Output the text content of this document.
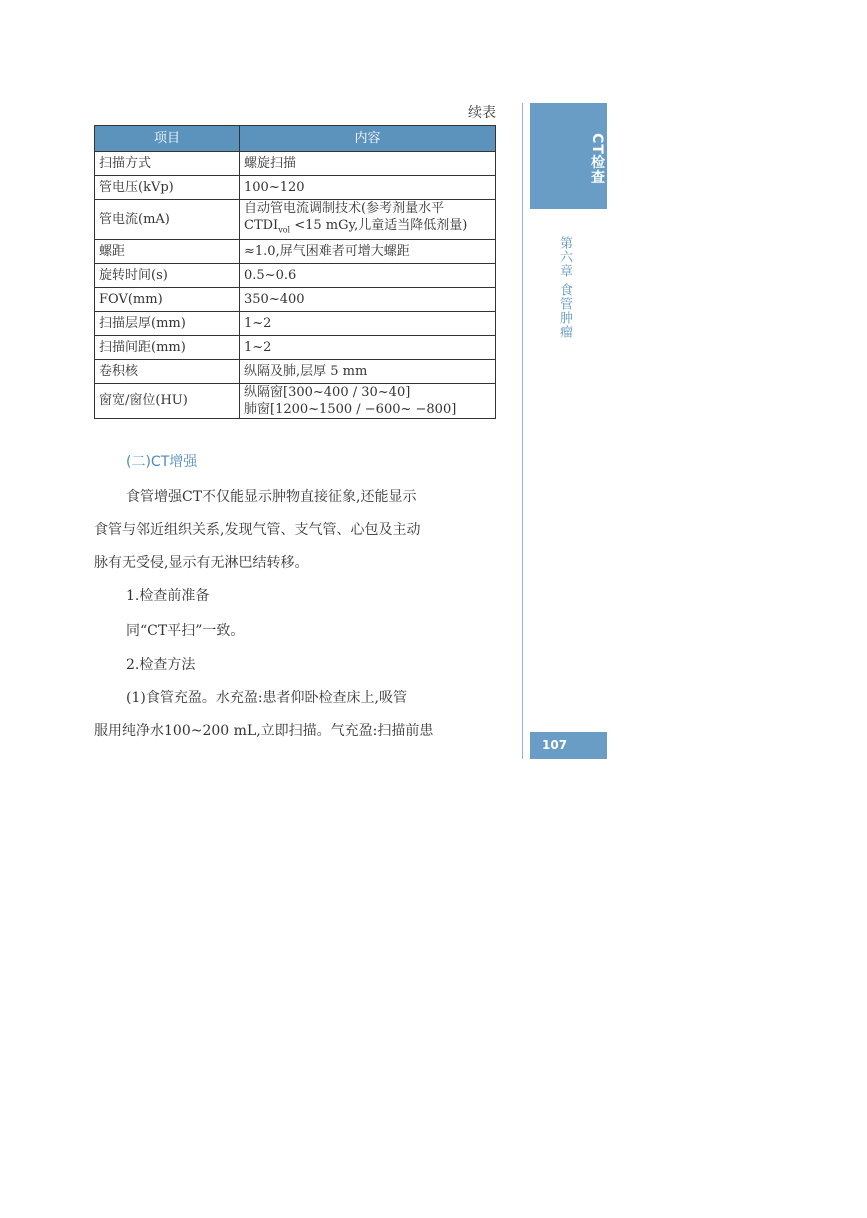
续表
项目	内容
扫描方式	螺旋扫描
管电压(kVp)	100~120
管电流(mA)	自动管电流调制技术(参考剂量水平
$CTDI_{vol} <15$ mGy,儿童适当降低剂量)

螺距	≈1.0,屏气困难者可增大螺距
旋转时间(s)	0.5~0.6
FOV(mm)	350~400
扫描层厚(mm)	1~2
扫描间距(mm)	1~2
卷积核	纵隔及肺,层厚 5 mm
窗宽/窗位(HU)	纵隔窗[300~400 / 30~40]
肺窗[1200~1500 / −600~ −800]
(二)CT增强
食管增强CT不仅能显示肿物直接征象,还能显示
食管与邻近组织关系,发现气管、支气管、心包及主动
脉有无受侵,显示有无淋巴结转移。
1.检查前准备
同“CT平扫”一致。
2.检查方法
(1)食管充盈。水充盈:患者仰卧检查床上,吸管
服用纯净水100~200 mL,立即扫描。气充盈:扫描前患
CT检查
第六章 食管肿瘤
107
